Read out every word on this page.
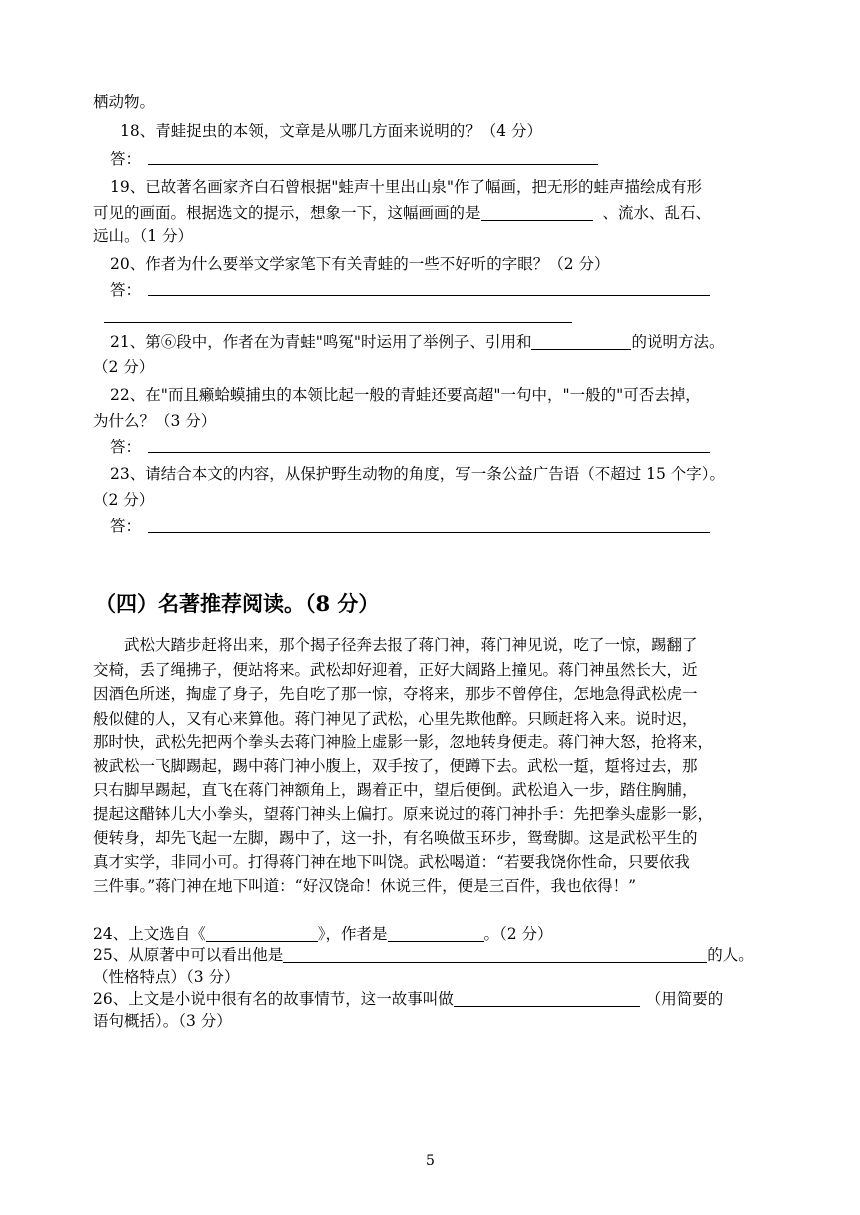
栖动物。
18、青蛙捉虫的本领，文章是从哪几方面来说明的？（4 分）
答：
19、已故著名画家齐白石曾根据"蛙声十里出山泉"作了幅画，把无形的蛙声描绘成有形
可见的画面。根据选文的提示，想象一下，这幅画画的是	、流水、乱石、
远山。（1 分）
20、作者为什么要举文学家笔下有关青蛙的一些不好听的字眼？（2 分）
答：
21、第⑥段中，作者在为青蛙"鸣冤"时运用了举例子、引用和	的说明方法。
（2 分）
22、在"而且癞蛤蟆捕虫的本领比起一般的青蛙还要高超"一句中，"一般的"可否去掉，
为什么？（3 分）
答：
23、请结合本文的内容，从保护野生动物的角度，写一条公益广告语（不超过 15 个字）。
（2 分）
答：
（四）名著推荐阅读。（8 分）
武松大踏步赶将出来，那个揭子径奔去报了蒋门神，蒋门神见说，吃了一惊，踢翻了
交椅，丢了绳拂子，便站将来。武松却好迎着，正好大阔路上撞见。蒋门神虽然长大，近
因酒色所迷，掏虚了身子，先自吃了那一惊，夺将来，那步不曾停住，怎地急得武松虎一
般似健的人，又有心来算他。蒋门神见了武松，心里先欺他醉。只顾赶将入来。说时迟，
那时快，武松先把两个拳头去蒋门神脸上虚影一影，忽地转身便走。蒋门神大怒，抢将来，
被武松一飞脚踢起，踢中蒋门神小腹上，双手按了，便蹲下去。武松一踅，踅将过去，那
只右脚早踢起，直飞在蒋门神额角上，踢着正中，望后便倒。武松追入一步，踏住胸脯，
提起这醋钵儿大小拳头，望蒋门神头上偏打。原来说过的蒋门神扑手：先把拳头虚影一影，
便转身，却先飞起一左脚，踢中了，这一扑，有名唤做玉环步，鸳鸯脚。这是武松平生的
真才实学，非同小可。打得蒋门神在地下叫饶。武松喝道：“若要我饶你性命，只要依我
三件事。”蒋门神在地下叫道：“好汉饶命！休说三件，便是三百件，我也依得！”
24、上文选自《	》，作者是	。（2 分）
25、从原著中可以看出他是	的人。
（性格特点）（3 分）
26、上文是小说中很有名的故事情节，这一故事叫做	（用简要的
语句概括）。（3 分）
5
